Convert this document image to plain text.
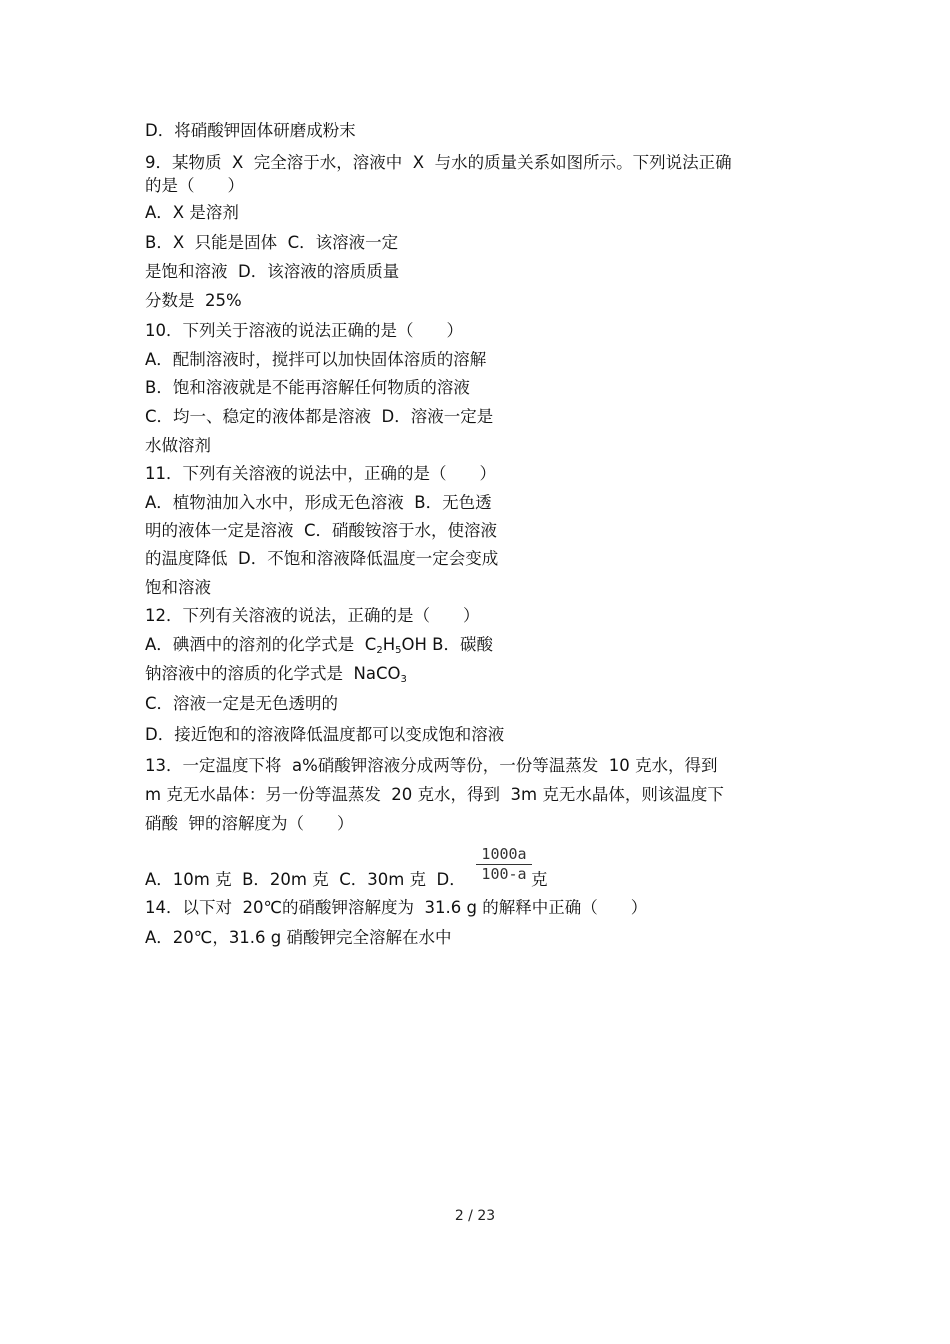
D．将硝酸钾固体研磨成粉末
9．某物质  X  完全溶于水，溶液中  X  与水的质量关系如图所示。下列说法正确
的是（　　）
A．X 是溶剂
B．X  只能是固体  C．该溶液一定
是饱和溶液  D．该溶液的溶质质量
分数是  25%
10．下列关于溶液的说法正确的是（　　）
A．配制溶液时，搅拌可以加快固体溶质的溶解
B．饱和溶液就是不能再溶解任何物质的溶液
C．均一、稳定的液体都是溶液  D．溶液一定是
水做溶剂
11．下列有关溶液的说法中，正确的是（　　）
A．植物油加入水中，形成无色溶液  B．无色透
明的液体一定是溶液  C．硝酸铵溶于水，使溶液
的温度降低  D．不饱和溶液降低温度一定会变成
饱和溶液
12．下列有关溶液的说法，正确的是（　　）
A．碘酒中的溶剂的化学式是  $C_2H_5OH$ B．碳酸
钠溶液中的溶质的化学式是  NaCO$_3$
C．溶液一定是无色透明的
D．接近饱和的溶液降低温度都可以变成饱和溶液
13．一定温度下将  a%硝酸钾溶液分成两等份，一份等温蒸发  10 克水，得到
m 克无水晶体：另一份等温蒸发  20 克水，得到  3m 克无水晶体，则该温度下
硝酸  钾的溶解度为（　　）
A．10m 克  B．20m 克  C．30m 克  D．
1000a
100-a 克
14．以下对  20℃的硝酸钾溶解度为  31.6 g 的解释中正确（　　）
A．20℃，31.6 g 硝酸钾完全溶解在水中
2 / 23
